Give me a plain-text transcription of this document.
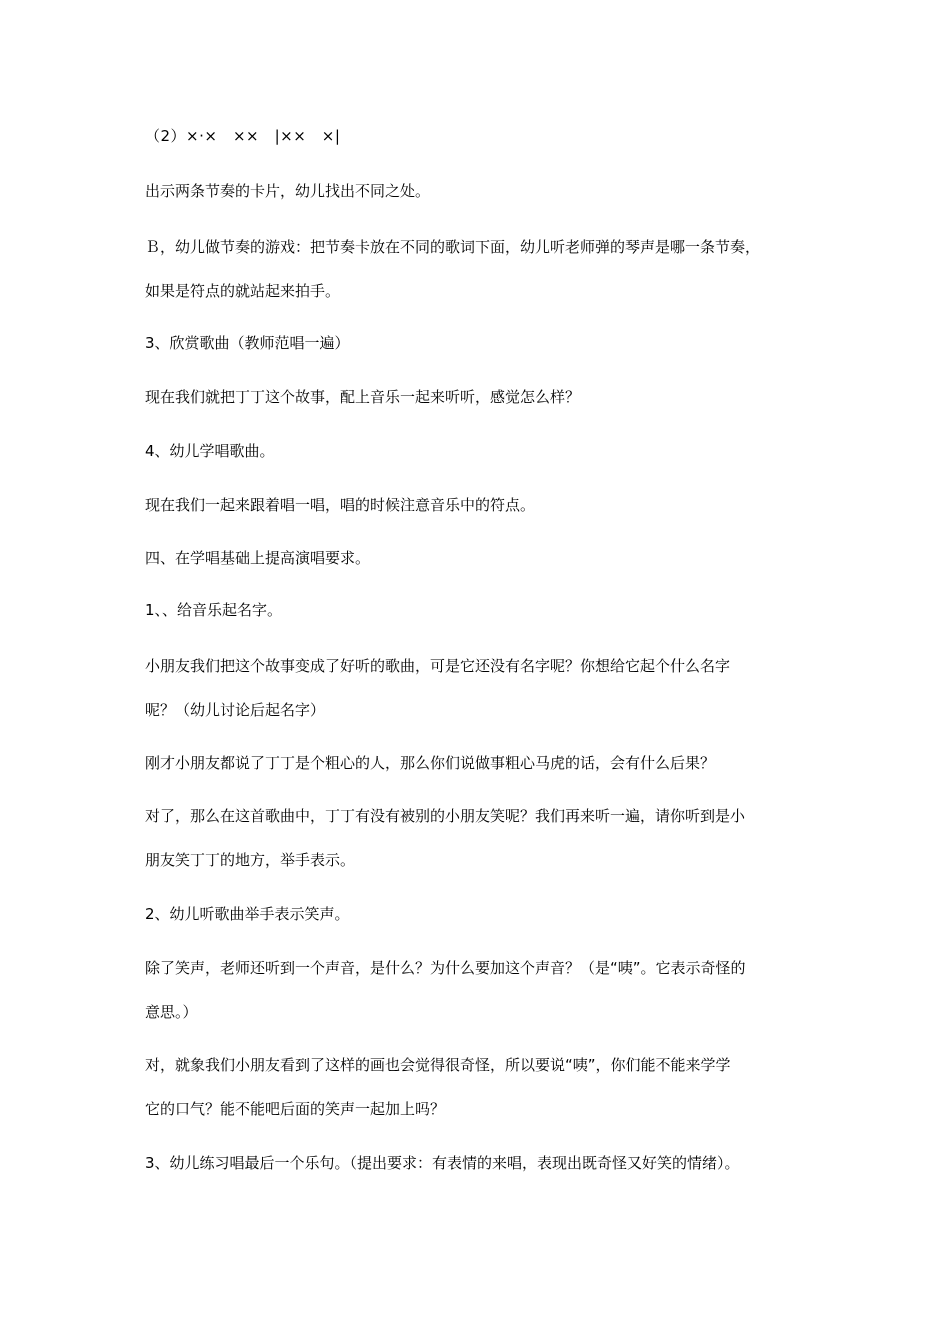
（2）×·×　××　|××　×|
出示两条节奏的卡片，幼儿找出不同之处。
Ｂ，幼儿做节奏的游戏：把节奏卡放在不同的歌词下面，幼儿听老师弹的琴声是哪一条节奏，
如果是符点的就站起来拍手。
3、欣赏歌曲（教师范唱一遍）
现在我们就把丁丁这个故事，配上音乐一起来听听，感觉怎么样？
4、幼儿学唱歌曲。
现在我们一起来跟着唱一唱，唱的时候注意音乐中的符点。
四、在学唱基础上提高演唱要求。
1、、给音乐起名字。
小朋友我们把这个故事变成了好听的歌曲，可是它还没有名字呢？你想给它起个什么名字
呢？（幼儿讨论后起名字）
刚才小朋友都说了丁丁是个粗心的人，那么你们说做事粗心马虎的话，会有什么后果？
对了，那么在这首歌曲中，丁丁有没有被别的小朋友笑呢？我们再来听一遍，请你听到是小
朋友笑丁丁的地方，举手表示。
2、幼儿听歌曲举手表示笑声。
除了笑声，老师还听到一个声音，是什么？为什么要加这个声音？（是“咦”。它表示奇怪的
意思。）
对，就象我们小朋友看到了这样的画也会觉得很奇怪，所以要说“咦”，你们能不能来学学
它的口气？能不能吧后面的笑声一起加上吗？
3、幼儿练习唱最后一个乐句。（提出要求：有表情的来唱，表现出既奇怪又好笑的情绪）。
